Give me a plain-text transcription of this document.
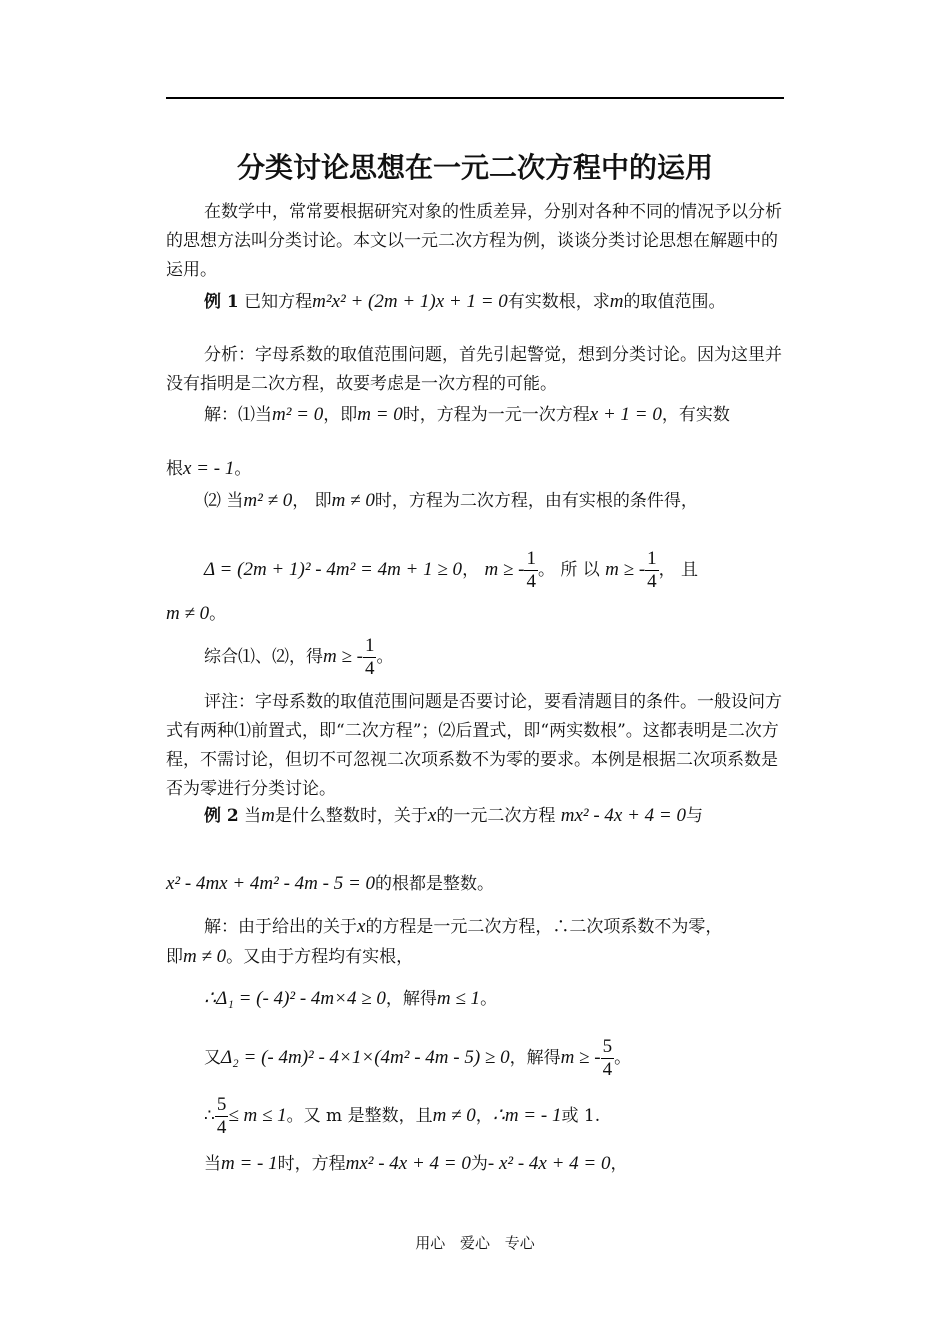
分类讨论思想在一元二次方程中的运用
在数学中，常常要根据研究对象的性质差异，分别对各种不同的情况予以分析的思想方法叫分类讨论。本文以一元二次方程为例，谈谈分类讨论思想在解题中的运用。
例 1 已知方程m²x² + (2m + 1)x + 1 = 0有实数根，求m的取值范围。
分析：字母系数的取值范围问题，首先引起警觉，想到分类讨论。因为这里并没有指明是二次方程，故要考虑是一次方程的可能。
解：⑴当m² = 0，即m = 0时，方程为一元一次方程x + 1 = 0，有实数
根x = - 1。
⑵ 当m² ≠ 0， 即m ≠ 0时，方程为二次方程，由有实根的条件得，
Δ = (2m + 1)² - 4m² = 4m + 1 ≥ 0， m ≥ - $\frac{1}{4}$ 。 所 以 m ≥ - $\frac{1}{4}$ ， 且
m ≠ 0。
综合⑴、⑵，得m ≥ - $\frac{1}{4}$ 。
评注：字母系数的取值范围问题是否要讨论，要看清题目的条件。一般设问方式有两种⑴前置式，即“二次方程”；⑵后置式，即“两实数根”。这都表明是二次方程，不需讨论，但切不可忽视二次项系数不为零的要求。本例是根据二次项系数是否为零进行分类讨论。
例 2 当m是什么整数时，关于x的一元二次方程 mx² - 4x + 4 = 0与
x² - 4mx + 4m² - 4m - 5 = 0的根都是整数。
解：由于给出的关于x的方程是一元二次方程，∴二次项系数不为零，
即m ≠ 0。又由于方程均有实根，
∴Δ₁ = (- 4)² - 4m×4 ≥ 0，解得m ≤ 1。
又Δ₂ = (- 4m)² - 4×1×(4m² - 4m - 5) ≥ 0，解得m ≥ - $\frac{5}{4}$ 。
∴ $\frac{5}{4} \le m \le 1$。又 m 是整数，且m ≠ 0，∴m = - 1或 1.
当m = - 1时，方程mx² - 4x + 4 = 0为- x² - 4x + 4 = 0，
用心 爱心 专心
